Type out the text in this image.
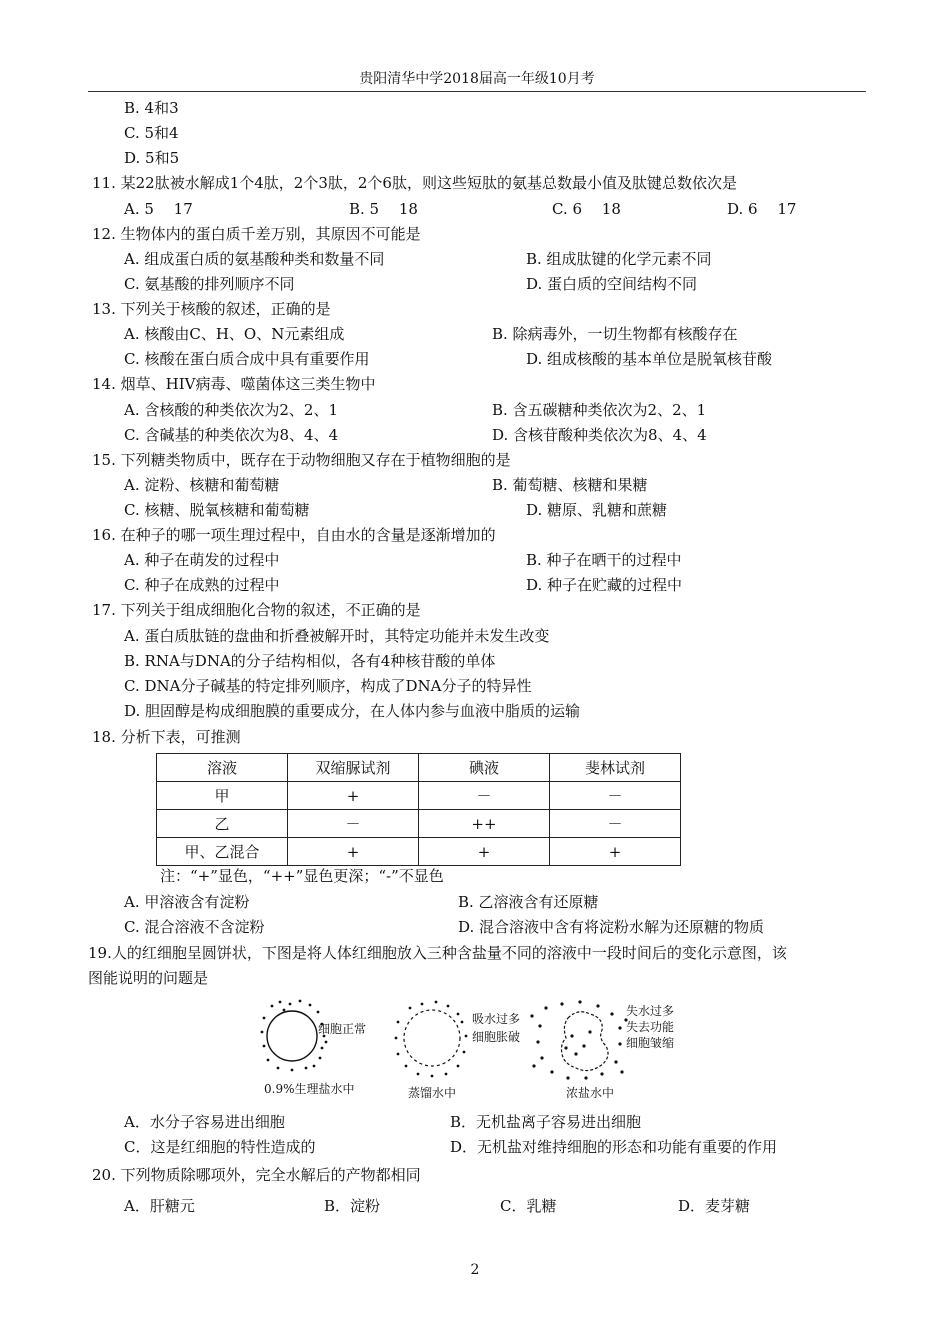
贵阳清华中学2018届高一年级10月考
B. 4和3
C. 5和4
D. 5和5
11. 某22肽被水解成1个4肽，2个3肽，2个6肽，则这些短肽的氨基总数最小值及肽键总数依次是
A. 5　 17	B. 5　 18	C. 6　 18	D. 6　 17
12. 生物体内的蛋白质千差万别，其原因不可能是
A. 组成蛋白质的氨基酸种类和数量不同	B. 组成肽键的化学元素不同
C. 氨基酸的排列顺序不同	D. 蛋白质的空间结构不同
13. 下列关于核酸的叙述，正确的是
A. 核酸由C、H、O、N元素组成	B. 除病毒外，一切生物都有核酸存在
C. 核酸在蛋白质合成中具有重要作用	D. 组成核酸的基本单位是脱氧核苷酸
14. 烟草、HIV病毒、噬菌体这三类生物中
A. 含核酸的种类依次为2、2、1	B. 含五碳糖种类依次为2、2、1
C. 含碱基的种类依次为8、4、4	D. 含核苷酸种类依次为8、4、4
15. 下列糖类物质中，既存在于动物细胞又存在于植物细胞的是
A. 淀粉、核糖和葡萄糖	B. 葡萄糖、核糖和果糖
C. 核糖、脱氧核糖和葡萄糖	D. 糖原、乳糖和蔗糖
16. 在种子的哪一项生理过程中，自由水的含量是逐渐增加的
A. 种子在萌发的过程中	B. 种子在晒干的过程中
C. 种子在成熟的过程中	D. 种子在贮藏的过程中
17. 下列关于组成细胞化合物的叙述，不正确的是
A. 蛋白质肽链的盘曲和折叠被解开时，其特定功能并未发生改变
B. RNA与DNA的分子结构相似，各有4种核苷酸的单体
C. DNA分子碱基的特定排列顺序，构成了DNA分子的特异性
D. 胆固醇是构成细胞膜的重要成分，在人体内参与血液中脂质的运输
18. 分析下表，可推测
溶液	双缩脲试剂	碘液	斐林试剂
甲	+	－	－
乙	－	++	－
甲、乙混合	+	+	+
注：“+”显色，“++”显色更深；“-”不显色
A. 甲溶液含有淀粉	B. 乙溶液含有还原糖
C. 混合溶液不含淀粉	D. 混合溶液中含有将淀粉水解为还原糖的物质
19.人的红细胞呈圆饼状，下图是将人体红细胞放入三种含盐量不同的溶液中一段时间后的变化示意图，该
图能说明的问题是
细胞正常
0.9%生理盐水中
吸水过多
细胞胀破
蒸馏水中
失水过多
失去功能
细胞皱缩
浓盐水中
A．水分子容易进出细胞	B．无机盐离子容易进出细胞
C．这是红细胞的特性造成的	D．无机盐对维持细胞的形态和功能有重要的作用
20. 下列物质除哪项外，完全水解后的产物都相同
A．肝糖元	B．淀粉	C．乳糖	D．麦芽糖
2
